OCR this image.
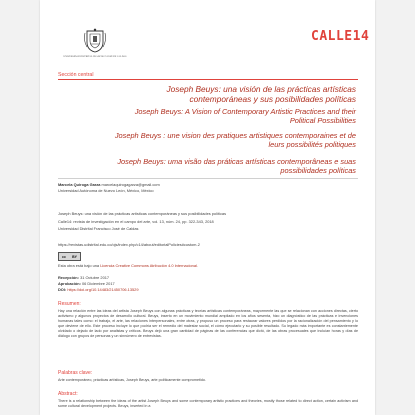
UNIVERSIDAD DISTRITAL FRANCISCO JOSÉ DE CALDAS
CALLE14
Sección central
Joseph Beuys: una visión de las prácticas artísticas contemporáneas y sus posibilidades políticas
Joseph Beuys: A Vision of Contemporary Artistic Practices and their Political Possibilities
Joseph Beuys : une vision des pratiques artistiques contemporaines et de leurs possibilités politiques
Joseph Beuys: uma visão das práticas artísticas contemporâneas e suas possibilidades políticas
Marcela Quiroga Garza marcelaquirogagarza@gmail.com
Universidad Autónoma de Nuevo León, México, México
Joseph Beuys: una visión de las prácticas artísticas contemporáneas y sus posibilidades políticas
Calle14: revista de investigación en el campo del arte, vol. 13, núm. 24, pp. 322-343, 2018
Universidad Distrital Francisco José de Caldas
https://revistas.udistrital.edu.co/ojs/index.php/c14/about/editorialPolicies#custom-2
cc BY
Esta obra está bajo una Licencia Creative Commons Atribución 4.0 Internacional.
Recepción: 31 Octubre 2017
Aprobación: 06 Diciembre 2017
DOI: https://doi.org/10.14483/21450706.13529
Resumen:
Hay una relación entre las ideas del artista Joseph Beuys con algunas prácticas y teorías artísticas contemporáneas, mayormente las que se relacionan con acciones directas, cierto activismo y algunos proyectos de desarrollo cultural. Beuys, inserto en un movimiento mundial ampliado en los años sesenta, hizo un diagnóstico de las prácticas e invenciones humanas tales como: el trabajo, el arte, las relaciones interpersonales, entre otras, y propuso un proceso para restaurar valores perdidos por la racionalización del pensamiento y lo que deviene de ello. Este proceso incluye lo que podría ser el remedio del malestar social, el cómo ejecutarlo y su posible resultado. Su legado más importante es constantemente olvidado o dejado de lado por analistas y críticos. Beuys dejó una gran cantidad de páginas de las conferencias que dictó, de las obras procesuales que incluían horas y días de diálogo con grupos de personas y un sinnúmero de entrevistas.
Palabras clave:
Arte contemporáneo, prácticas artísticas, Joseph Beuys, arte políticamente comprometido.
Abstract:
There is a relationship between the ideas of the artist Joseph Beuys and some contemporary artistic practices and theories, mostly those related to direct action, certain activism and some cultural development projects. Beuys, inserted in a
